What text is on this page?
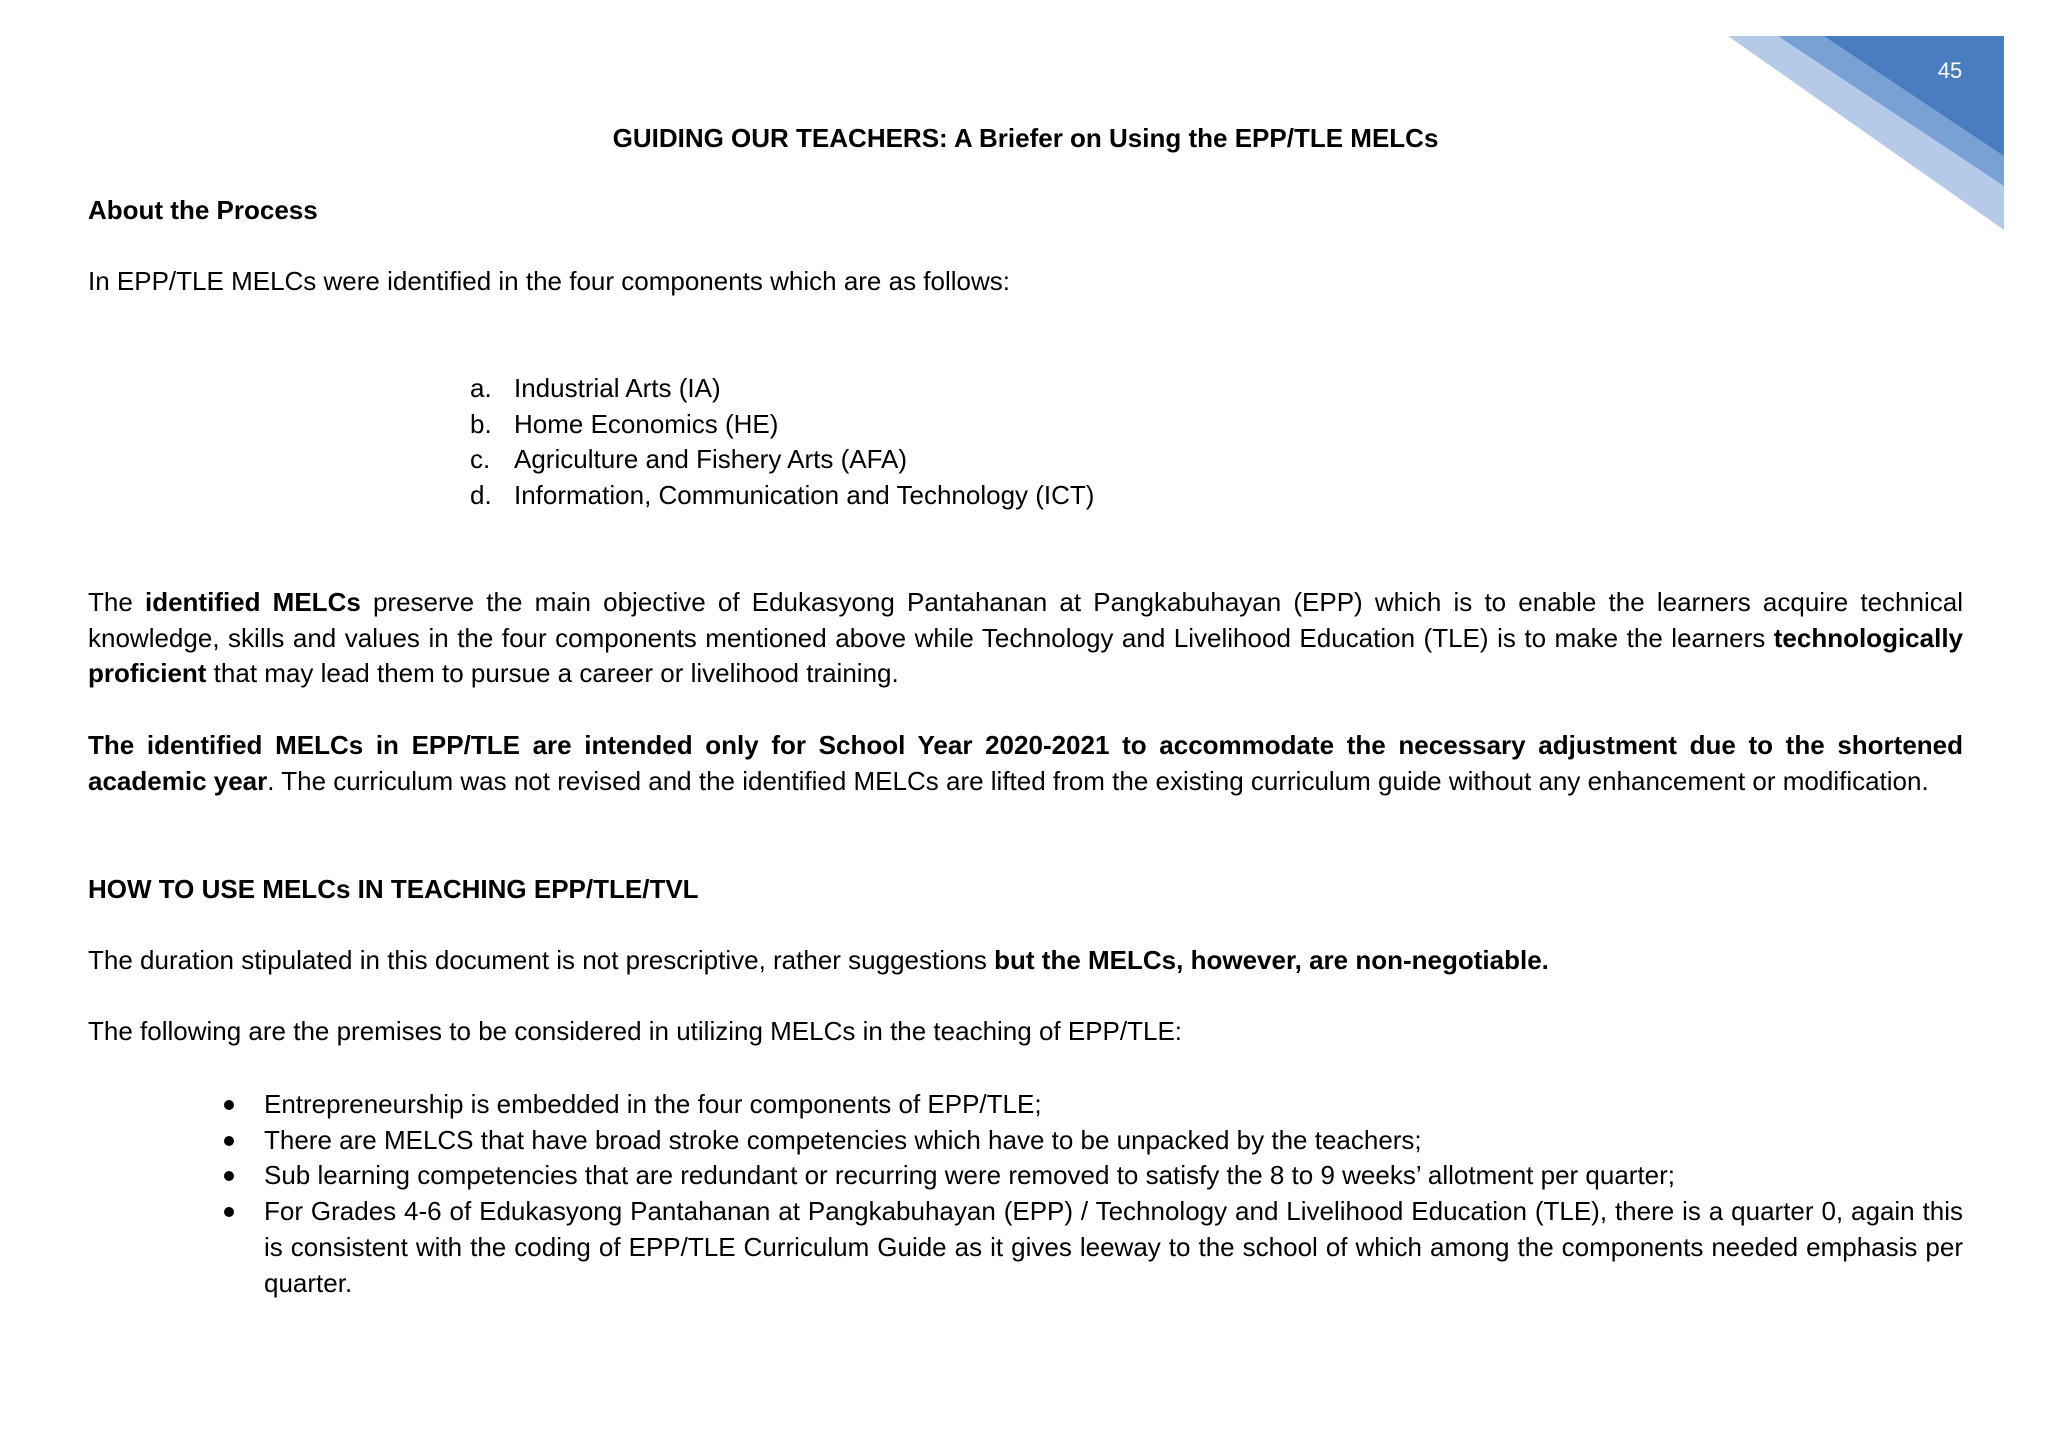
45
GUIDING OUR TEACHERS: A Briefer on Using the EPP/TLE MELCs
About the Process
In EPP/TLE MELCs were identified in the four components which are as follows:
a. Industrial Arts (IA)
b. Home Economics (HE)
c. Agriculture and Fishery Arts (AFA)
d. Information, Communication and Technology (ICT)
The identified MELCs preserve the main objective of Edukasyong Pantahanan at Pangkabuhayan (EPP) which is to enable the learners acquire technical knowledge, skills and values in the four components mentioned above while Technology and Livelihood Education (TLE) is to make the learners technologically proficient that may lead them to pursue a career or livelihood training.
The identified MELCs in EPP/TLE are intended only for School Year 2020-2021 to accommodate the necessary adjustment due to the shortened academic year. The curriculum was not revised and the identified MELCs are lifted from the existing curriculum guide without any enhancement or modification.
HOW TO USE MELCs IN TEACHING EPP/TLE/TVL
The duration stipulated in this document is not prescriptive, rather suggestions but the MELCs, however, are non-negotiable.
The following are the premises to be considered in utilizing MELCs in the teaching of EPP/TLE:
Entrepreneurship is embedded in the four components of EPP/TLE;
There are MELCS that have broad stroke competencies which have to be unpacked by the teachers;
Sub learning competencies that are redundant or recurring were removed to satisfy the 8 to 9 weeks’ allotment per quarter;
For Grades 4-6 of Edukasyong Pantahanan at Pangkabuhayan (EPP) / Technology and Livelihood Education (TLE), there is a quarter 0, again this is consistent with the coding of EPP/TLE Curriculum Guide as it gives leeway to the school of which among the components needed emphasis per quarter.
